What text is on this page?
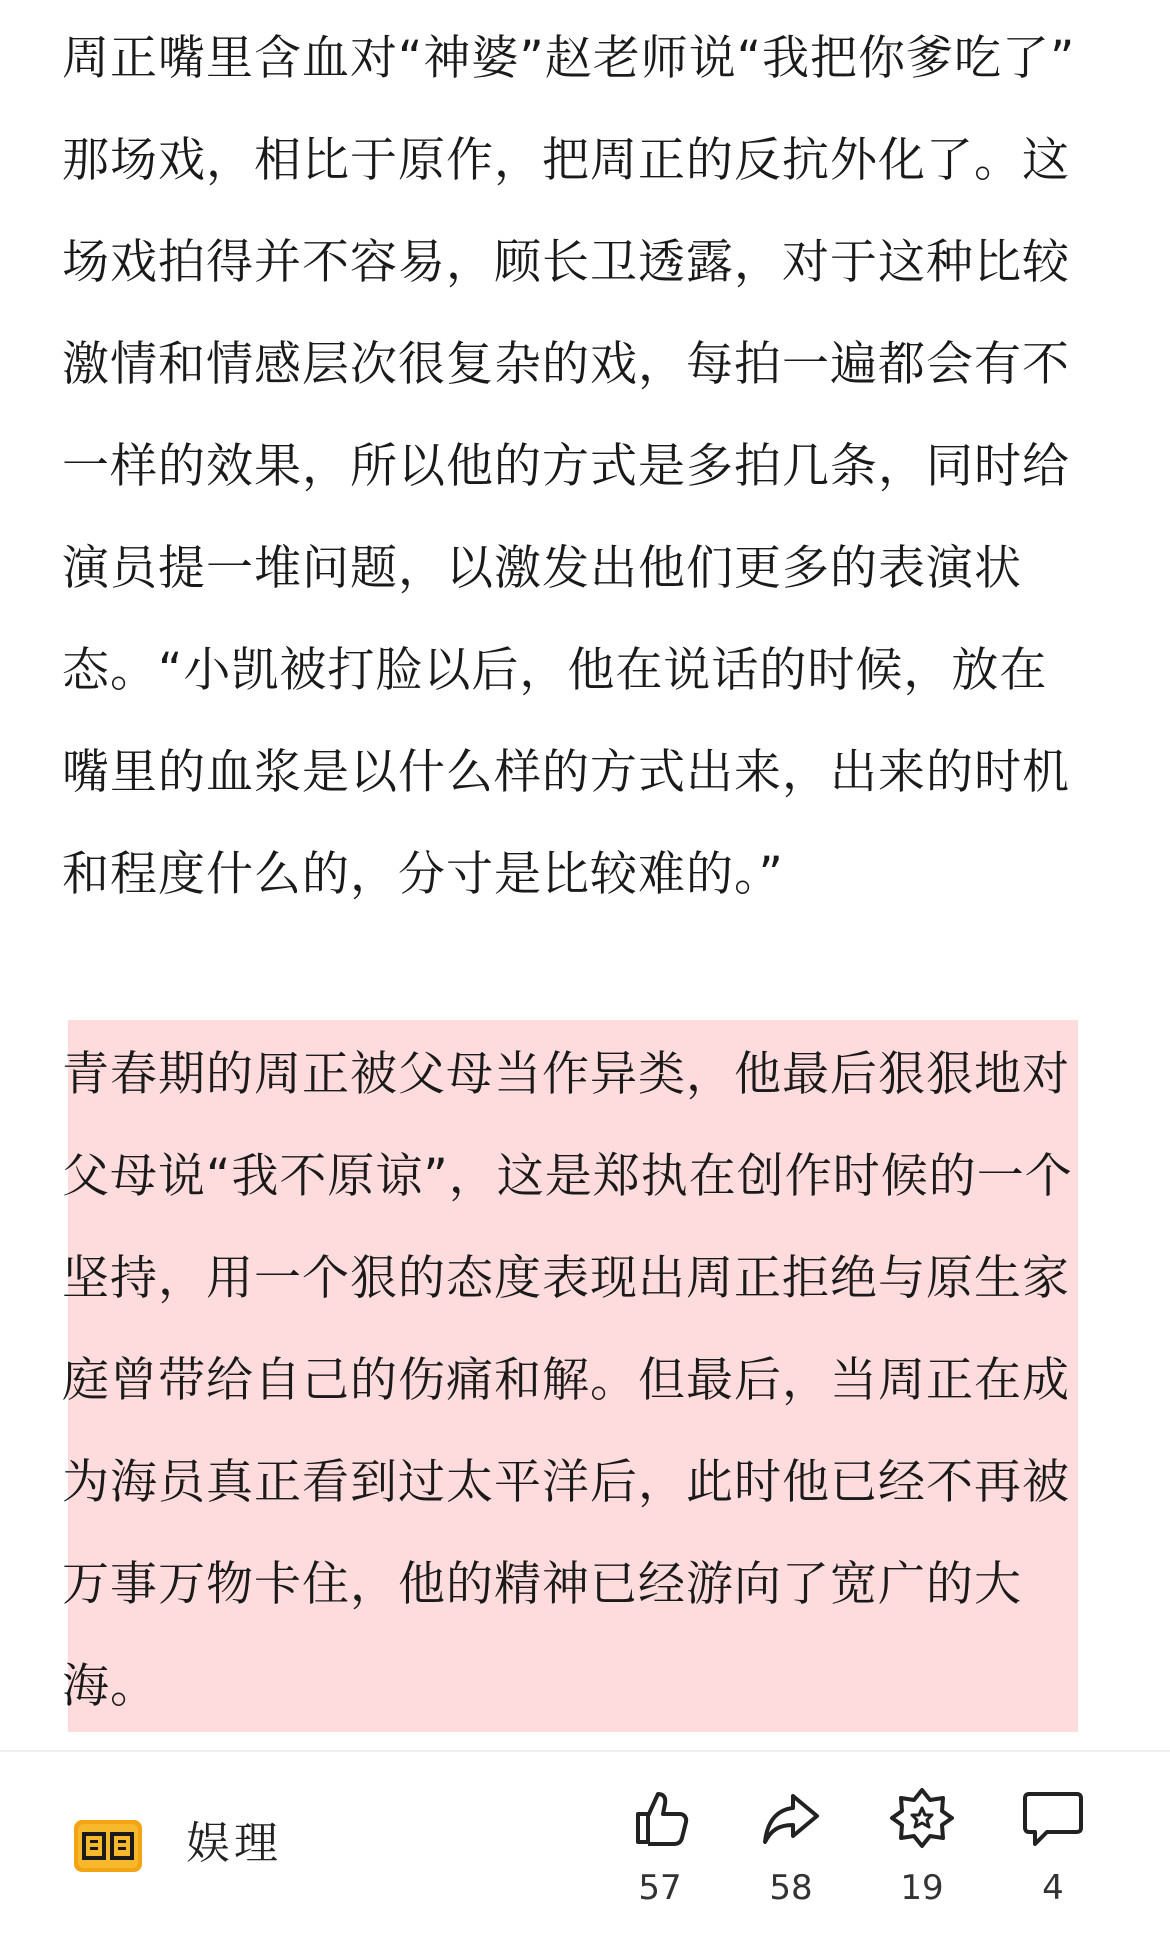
周正嘴里含血对“神婆”赵老师说“我把你爹吃了”
那场戏，相比于原作，把周正的反抗外化了。这
场戏拍得并不容易，顾长卫透露，对于这种比较
激情和情感层次很复杂的戏，每拍一遍都会有不
一样的效果，所以他的方式是多拍几条，同时给
演员提一堆问题，以激发出他们更多的表演状
态。“小凯被打脸以后，他在说话的时候，放在
嘴里的血浆是以什么样的方式出来，出来的时机
和程度什么的，分寸是比较难的。”

青春期的周正被父母当作异类，他最后狠狠地对
父母说“我不原谅”，这是郑执在创作时候的一个
坚持，用一个狠的态度表现出周正拒绝与原生家
庭曾带给自己的伤痛和解。但最后，当周正在成
为海员真正看到过太平洋后，此时他已经不再被
万事万物卡住，他的精神已经游向了宽广的大
海。

娱理
57	58	19	4
